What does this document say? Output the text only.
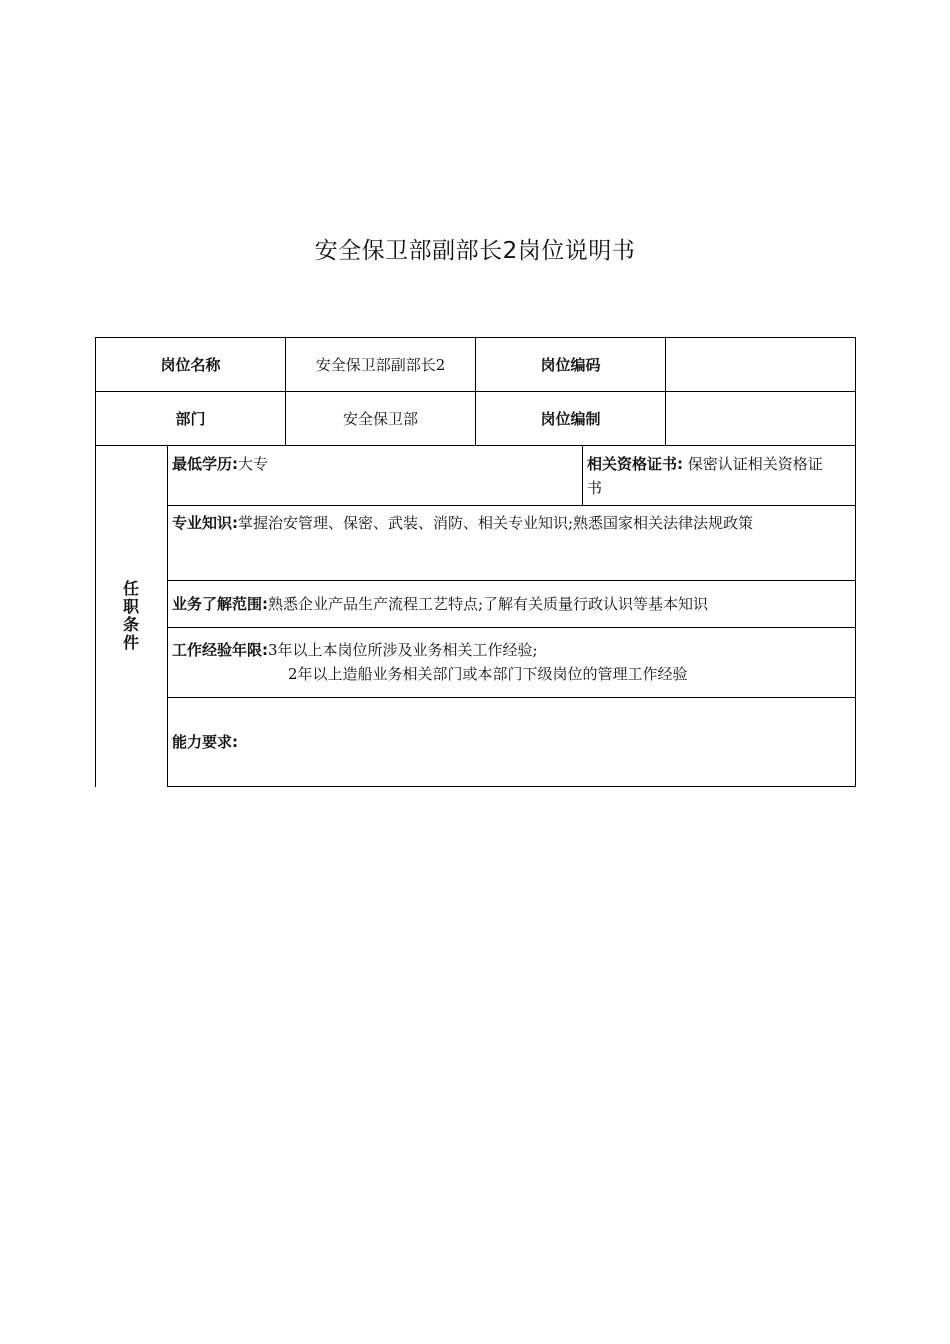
安全保卫部副部长2岗位说明书
岗位名称	安全保卫部副部长2	岗位编码
部门	安全保卫部	岗位编制
任
职
条
件
最低学历:大专	相关资格证书: 保密认证相关资格证
书
专业知识:掌握治安管理、保密、武装、消防、相关专业知识;熟悉国家相关法律法规政策
业务了解范围:熟悉企业产品生产流程工艺特点;了解有关质量行政认识等基本知识
工作经验年限:3年以上本岗位所涉及业务相关工作经验;
2年以上造船业务相关部门或本部门下级岗位的管理工作经验
能力要求:
